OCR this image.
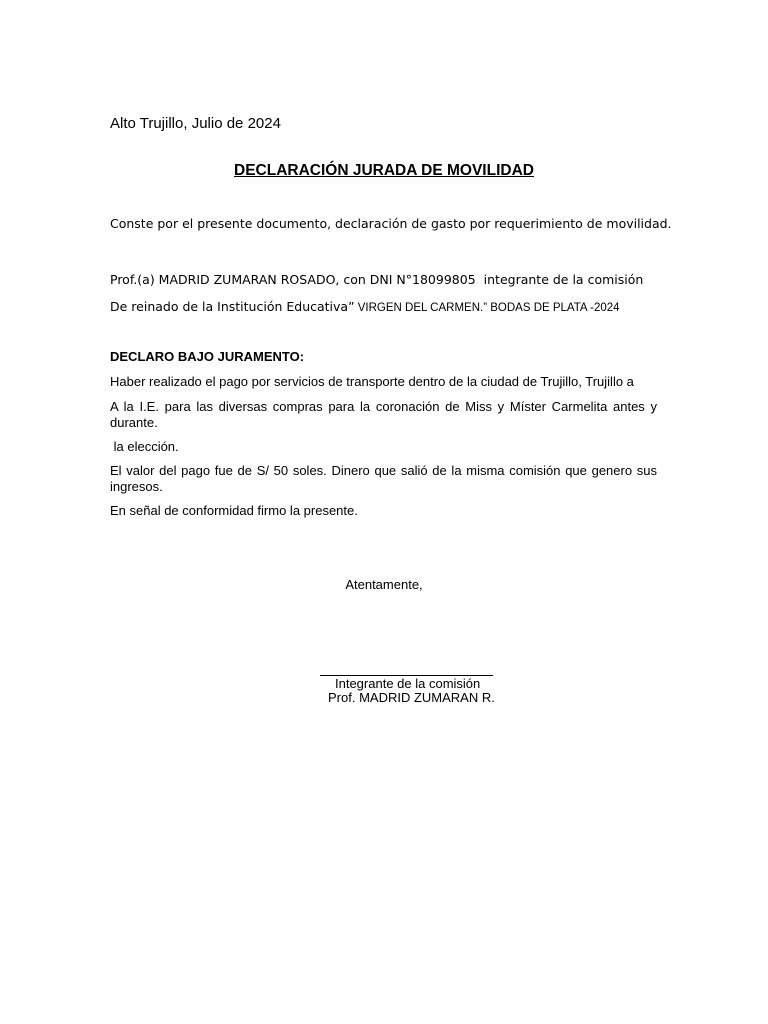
Alto Trujillo, Julio de 2024
DECLARACIÓN JURADA DE MOVILIDAD
Conste por el presente documento, declaración de gasto por requerimiento de movilidad.
Prof.(a) MADRID ZUMARAN ROSADO, con DNI N°18099805 integrante de la comisión
De reinado de la Institución Educativa” VIRGEN DEL CARMEN.” BODAS DE PLATA -2024
DECLARO BAJO JURAMENTO:
Haber realizado el pago por servicios de transporte dentro de la ciudad de Trujillo, Trujillo a
A la I.E. para las diversas compras para la coronación de Miss y Míster Carmelita antes y durante.
la elección.
El valor del pago fue de S/ 50 soles. Dinero que salió de la misma comisión que genero sus ingresos.
En señal de conformidad firmo la presente.
Atentamente,
Integrante de la comisión
Prof. MADRID ZUMARAN R.
